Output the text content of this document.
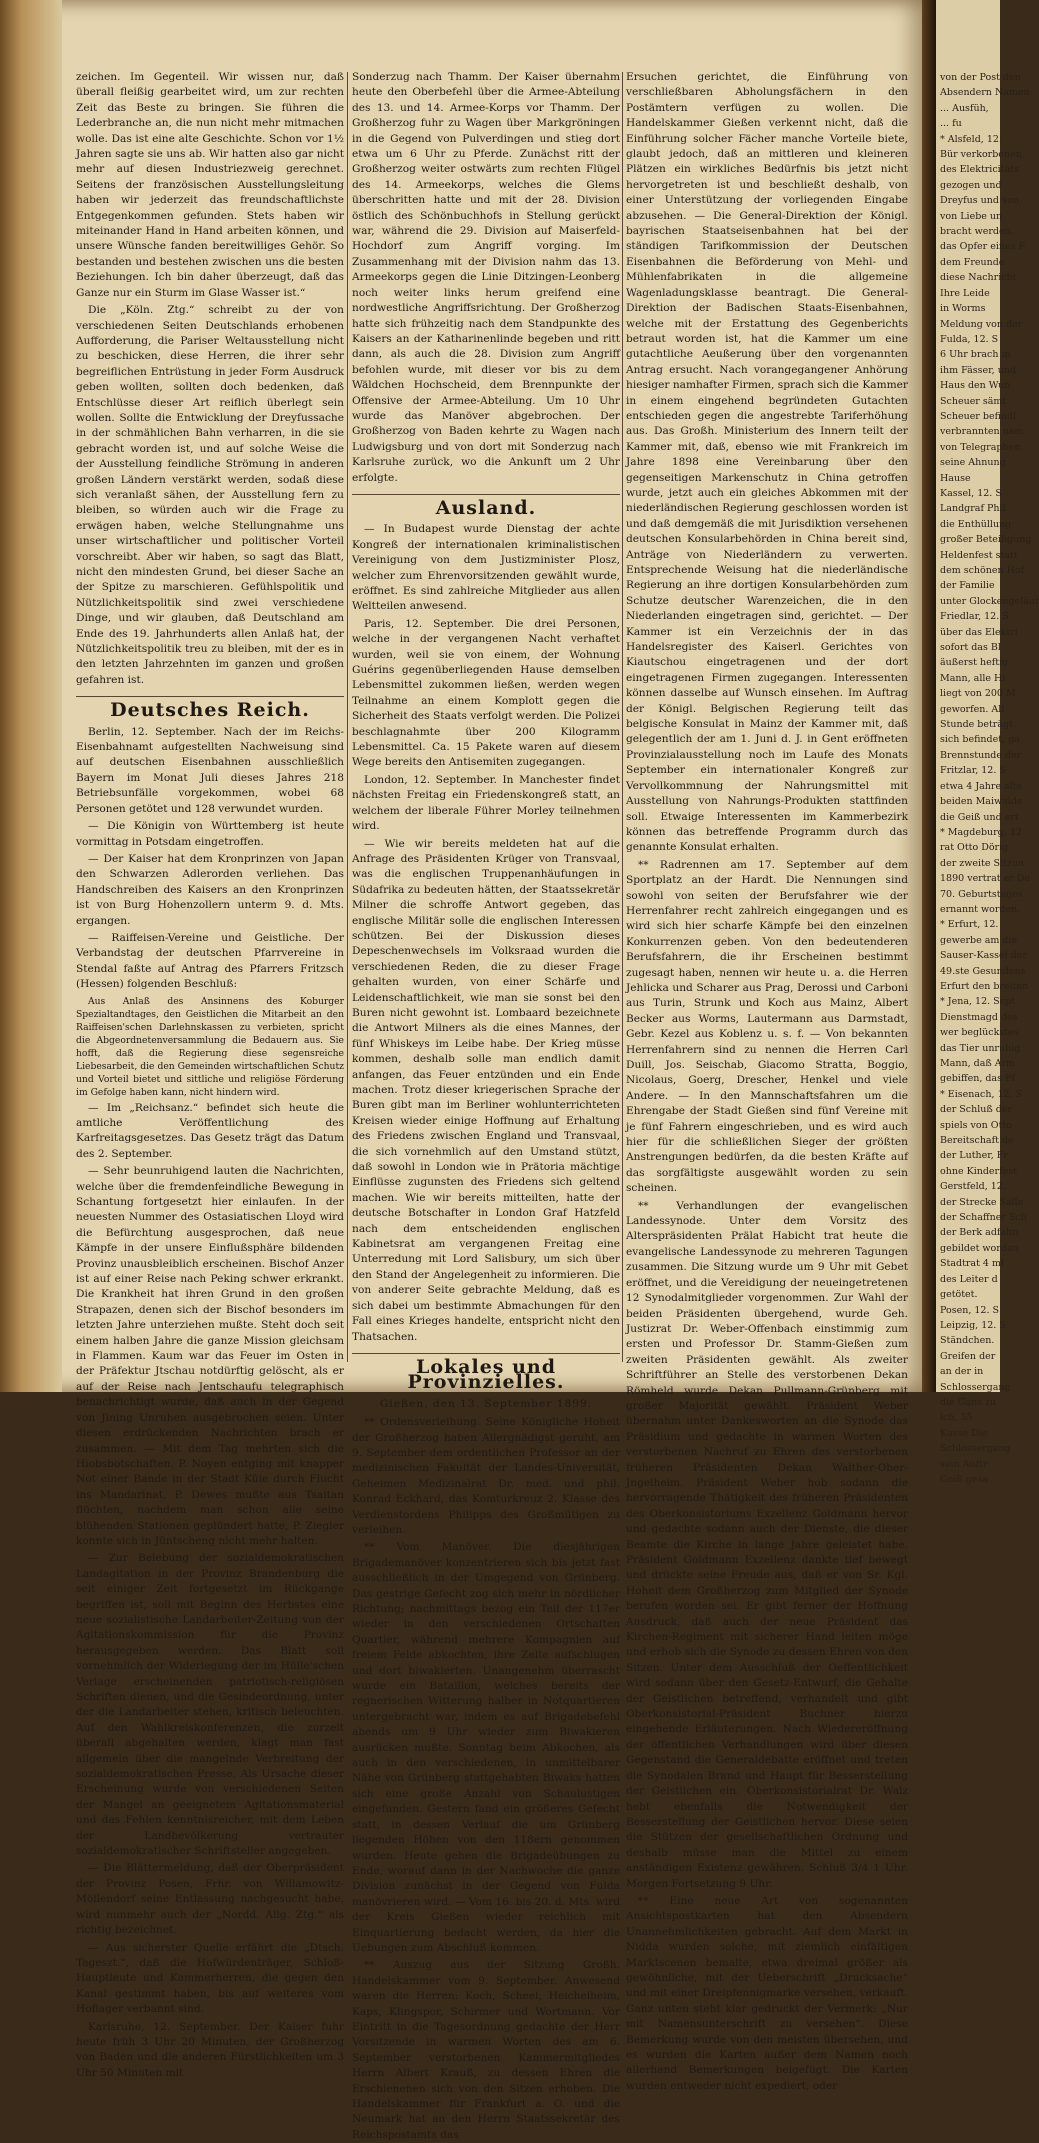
zeichen. Im Gegenteil. Wir wissen nur, daß überall fleißig gearbeitet wird, um zur rechten Zeit das Beste zu bringen. Sie führen die Lederbranche an, die nun nicht mehr mitmachen wolle. Das ist eine alte Geschichte. Schon vor 1½ Jahren sagte sie uns ab. Wir hatten also gar nicht mehr auf diesen Industriezweig gerechnet. Seitens der französischen Ausstellungsleitung haben wir jederzeit das freundschaftlichste Entgegenkommen gefunden. Stets haben wir miteinander Hand in Hand arbeiten können, und unsere Wünsche fanden bereitwilliges Gehör. So bestanden und bestehen zwischen uns die besten Beziehungen. Ich bin daher überzeugt, daß das Ganze nur ein Sturm im Glase Wasser ist.“

Die „Köln. Ztg.“ schreibt zu der von verschiedenen Seiten Deutschlands erhobenen Aufforderung, die Pariser Weltausstellung nicht zu beschicken, diese Herren, die ihrer sehr begreiflichen Entrüstung in jeder Form Ausdruck geben wollten, sollten doch bedenken, daß Entschlüsse dieser Art reiflich überlegt sein wollen. Sollte die Entwicklung der Dreyfussache in der schmählichen Bahn verharren, in die sie gebracht worden ist, und auf solche Weise die der Ausstellung feindliche Strömung in anderen großen Ländern verstärkt werden, sodaß diese sich veranlaßt sähen, der Ausstellung fern zu bleiben, so würden auch wir die Frage zu erwägen haben, welche Stellungnahme uns unser wirtschaftlicher und politischer Vorteil vorschreibt. Aber wir haben, so sagt das Blatt, nicht den mindesten Grund, bei dieser Sache an der Spitze zu marschieren. Gefühlspolitik und Nützlichkeitspolitik sind zwei verschiedene Dinge, und wir glauben, daß Deutschland am Ende des 19. Jahrhunderts allen Anlaß hat, der Nützlichkeitspolitik treu zu bleiben, mit der es in den letzten Jahrzehnten im ganzen und großen gefahren ist.

Deutsches Reich.

Berlin, 12. September. Nach der im Reichs-Eisenbahnamt aufgestellten Nachweisung sind auf deutschen Eisenbahnen ausschließlich Bayern im Monat Juli dieses Jahres 218 Betriebsunfälle vorgekommen, wobei 68 Personen getötet und 128 verwundet wurden.

— Die Königin von Württemberg ist heute vormittag in Potsdam eingetroffen.

— Der Kaiser hat dem Kronprinzen von Japan den Schwarzen Adlerorden verliehen. Das Handschreiben des Kaisers an den Kronprinzen ist von Burg Hohenzollern unterm 9. d. Mts. ergangen.

— Raiffeisen-Vereine und Geistliche. Der Verbandstag der deutschen Pfarrvereine in Stendal faßte auf Antrag des Pfarrers Fritzsch (Hessen) folgenden Beschluß:

Aus Anlaß des Ansinnens des Koburger Spezialtandtages, den Geistlichen die Mitarbeit an den Raiffeisen'schen Darlehnskassen zu verbieten, spricht die Abgeordnetenversammlung die Bedauern aus. Sie hofft, daß die Regierung diese segensreiche Liebesarbeit, die den Gemeinden wirtschaftlichen Schutz und Vorteil bietet und sittliche und religiöse Förderung im Gefolge haben kann, nicht hindern wird.

— Im „Reichsanz.“ befindet sich heute die amtliche Veröffentlichung des Karfreitagsgesetzes. Das Gesetz trägt das Datum des 2. September.

— Sehr beunruhigend lauten die Nachrichten, welche über die fremdenfeindliche Bewegung in Schantung fortgesetzt hier einlaufen. In der neuesten Nummer des Ostasiatischen Lloyd wird die Befürchtung ausgesprochen, daß neue Kämpfe in der unsere Einflußsphäre bildenden Provinz unausbleiblich erscheinen. Bischof Anzer ist auf einer Reise nach Peking schwer erkrankt. Die Krankheit hat ihren Grund in den großen Strapazen, denen sich der Bischof besonders im letzten Jahre unterziehen mußte. Steht doch seit einem halben Jahre die ganze Mission gleichsam in Flammen. Kaum war das Feuer im Osten in der Präfektur Jtschau notdürftig gelöscht, als er auf der Reise nach Jentschaufu telegraphisch benachrichtigt wurde, daß auch in der Gegend von Jining Unruhen ausgebrochen seien. Unter diesen erdrückenden Nachrichten brach er zusammen. — Mit dem Tag mehrten sich die Hiobsbotschaften. P. Noyen entging mit knapper Not einer Bande in der Stadt Küie durch Flucht ins Mandarinat, P. Dewes mußte aus Tsaitan flüchten, nachdem man schon alle seine blühenden Stationen geplündert hatte, P. Ziegler konnte sich in Jüntscheng nicht mehr halten.

— Zur Belebung der sozialdemokratischen Landagitation in der Provinz Brandenburg die seit einiger Zeit fortgesetzt im Rückgange begriffen ist, soll mit Beginn des Herbstes eine neue sozialistische Landarbeiter-Zeitung von der Agitationskommission für die Provinz herausgegeben werden. Das Blatt soll vornehmlich der Widerlegung der im Hülle'schen Verlage erscheinenden patriotisch-religiösen Schriften dienen, und die Gesindeordnung, unter der die Landarbeiter stehen, kritisch beleuchten. Auf den Wahlkreiskonferenzen, die zurzeit überall abgehalten werden, klagt man fast allgemein über die mangelnde Verbreitung der sozialdemokratischen Presse. Als Ursache dieser Erscheinung wurde von verschiedenen Seiten der Mangel an geeignetem Agitationsmaterial und das Fehlen kenntnisreicher, mit dem Leben der Landbevölkerung vertrauter sozialdemokratischer Schriftsteller angegeben.

— Die Blättermeldung, daß der Oberpräsident der Provinz Posen, Frhr. von Willamowitz-Möllendorf seine Entlassung nachgesucht habe, wird nunmehr auch der „Nordd. Allg. Ztg.“ als richtig bezeichnet.

— Aus sicherster Quelle erfährt die „Dtsch. Tageszt.“, daß die Hofwürdenträger, Schloß-Hauptleute und Kammerherren, die gegen den Kanal gestimmt haben, bis auf weiteres vom Hoflager verbannt sind.

Karlsruhe, 12. September. Der Kaiser fuhr heute früh 3 Uhr 20 Minuten, der Großherzog von Baden und die anderen Fürstlichkeiten um 3 Uhr 50 Minuten mit

Sonderzug nach Thamm. Der Kaiser übernahm heute den Oberbefehl über die Armee-Abteilung des 13. und 14. Armee-Korps vor Thamm. Der Großherzog fuhr zu Wagen über Markgröningen in die Gegend von Pulverdingen und stieg dort etwa um 6 Uhr zu Pferde. Zunächst ritt der Großherzog weiter ostwärts zum rechten Flügel des 14. Armeekorps, welches die Glems überschritten hatte und mit der 28. Division östlich des Schönbuchhofs in Stellung gerückt war, während die 29. Division auf Maiserfeld-Hochdorf zum Angriff vorging. Im Zusammenhang mit der Division nahm das 13. Armeekorps gegen die Linie Ditzingen-Leonberg noch weiter links herum greifend eine nordwestliche Angriffsrichtung. Der Großherzog hatte sich frühzeitig nach dem Standpunkte des Kaisers an der Katharinenlinde begeben und ritt dann, als auch die 28. Division zum Angriff befohlen wurde, mit dieser vor bis zu dem Wäldchen Hochscheid, dem Brennpunkte der Offensive der Armee-Abteilung. Um 10 Uhr wurde das Manöver abgebrochen. Der Großherzog von Baden kehrte zu Wagen nach Ludwigsburg und von dort mit Sonderzug nach Karlsruhe zurück, wo die Ankunft um 2 Uhr erfolgte.

Ausland.

— In Budapest wurde Dienstag der achte Kongreß der internationalen kriminalistischen Vereinigung von dem Justizminister Plosz, welcher zum Ehrenvorsitzenden gewählt wurde, eröffnet. Es sind zahlreiche Mitglieder aus allen Weltteilen anwesend.

Paris, 12. September. Die drei Personen, welche in der vergangenen Nacht verhaftet wurden, weil sie von einem, der Wohnung Guérins gegenüberliegenden Hause demselben Lebensmittel zukommen ließen, werden wegen Teilnahme an einem Komplott gegen die Sicherheit des Staats verfolgt werden. Die Polizei beschlagnahmte über 200 Kilogramm Lebensmittel. Ca. 15 Pakete waren auf diesem Wege bereits den Antisemiten zugegangen.

London, 12. September. In Manchester findet nächsten Freitag ein Friedenskongreß statt, an welchem der liberale Führer Morley teilnehmen wird.

— Wie wir bereits meldeten hat auf die Anfrage des Präsidenten Krüger von Transvaal, was die englischen Truppenanhäufungen in Südafrika zu bedeuten hätten, der Staatssekretär Milner die schroffe Antwort gegeben, das englische Militär solle die englischen Interessen schützen. Bei der Diskussion dieses Depeschenwechsels im Volksraad wurden die verschiedenen Reden, die zu dieser Frage gehalten wurden, von einer Schärfe und Leidenschaftlichkeit, wie man sie sonst bei den Buren nicht gewohnt ist. Lombaard bezeichnete die Antwort Milners als die eines Mannes, der fünf Whiskeys im Leibe habe. Der Krieg müsse kommen, deshalb solle man endlich damit anfangen, das Feuer entzünden und ein Ende machen. Trotz dieser kriegerischen Sprache der Buren gibt man im Berliner wohlunterrichteten Kreisen wieder einige Hoffnung auf Erhaltung des Friedens zwischen England und Transvaal, die sich vornehmlich auf den Umstand stützt, daß sowohl in London wie in Prätoria mächtige Einflüsse zugunsten des Friedens sich geltend machen. Wie wir bereits mitteilten, hatte der deutsche Botschafter in London Graf Hatzfeld nach dem entscheidenden englischen Kabinetsrat am vergangenen Freitag eine Unterredung mit Lord Salisbury, um sich über den Stand der Angelegenheit zu informieren. Die von anderer Seite gebrachte Meldung, daß es sich dabei um bestimmte Abmachungen für den Fall eines Krieges handelte, entspricht nicht den Thatsachen.

Lokales und Provinzielles.
Gießen, den 13. September 1899.

** Ordensverleihung. Seine Königliche Hoheit der Großherzog haben Allergnädigst geruht, am 9. September dem ordentlichen Professor an der medizinischen Fakultät der Landes-Universität, Geheimen Medizinalrat Dr. med. und phil. Konrad Eckhard, das Komturkreuz 2. Klasse des Verdienstordens Philipps des Großmütigen zu verleihen.

** Vom Manöver. Die diesjährigen Brigademanöver konzentrieren sich bis jetzt fast ausschließlich in der Umgegend von Grünberg. Das gestrige Gefecht zog sich mehr in nördlicher Richtung; nachmittags bezog ein Teil der 117er wieder in den verschiedenen Ortschaften Quartier, während mehrere Kompagnien auf freiem Felde abkochten, ihre Zelte aufschlugen und dort biwakierten. Unangenehm überrascht wurde ein Bataillon, welches bereits der regnerischen Witterung halber in Notquartieren untergebracht war, indem es auf Brigadebefehl abends um 9 Uhr wieder zum Biwakieren ausrücken mußte. Sonntag beim Abkochen, als auch in den verschiedenen, in unmittelbarer Nähe von Grünberg stattgehabten Biwaks hatten sich eine große Anzahl von Schaulustigen eingefunden. Gestern fand ein größeres Gefecht statt, in dessen Verlauf die um Grünberg liegenden Höhen von den 118ern genommen wurden. Heute gehen die Brigadeübungen zu Ende, worauf dann in der Nachwoche die ganze Division zunächst in der Gegend von Fulda manövrieren wird. — Vom 16. bis 20. d. Mts. wird der Kreis Gießen wieder reichlich mit Einquartierung bedacht werden, da hier die Uebungen zum Abschluß kommen.

** Auszug aus der Sitzung Großh. Handelskammer vom 9. September. Anwesend waren die Herren: Koch, Scheel, Heichelheim, Kaps, Klingspor, Schirmer und Wortmann. Vor Eintritt in die Tagesordnung gedachte der Herr Vorsitzende in warmen Worten des am 6. September verstorbenen Kammermitgliedes Herrn Albert Krauß, zu dessen Ehren die Erschienenen sich von den Sitzen erhoben. Die Handelskammer für Frankfurt a. O. und die Neumark hat an den Herrn Staatssekretär des Reichspostamts das

Ersuchen gerichtet, die Einführung von verschließbaren Abholungsfächern in den Postämtern verfügen zu wollen. Die Handelskammer Gießen verkennt nicht, daß die Einführung solcher Fächer manche Vorteile biete, glaubt jedoch, daß an mittleren und kleineren Plätzen ein wirkliches Bedürfnis bis jetzt nicht hervorgetreten ist und beschließt deshalb, von einer Unterstützung der vorliegenden Eingabe abzusehen. — Die General-Direktion der Königl. bayrischen Staatseisenbahnen hat bei der ständigen Tarifkommission der Deutschen Eisenbahnen die Beförderung von Mehl- und Mühlenfabrikaten in die allgemeine Wagenladungsklasse beantragt. Die General-Direktion der Badischen Staats-Eisenbahnen, welche mit der Erstattung des Gegenberichts betraut worden ist, hat die Kammer um eine gutachtliche Aeußerung über den vorgenannten Antrag ersucht. Nach vorangegangener Anhörung hiesiger namhafter Firmen, sprach sich die Kammer in einem eingehend begründeten Gutachten entschieden gegen die angestrebte Tariferhöhung aus. Das Großh. Ministerium des Innern teilt der Kammer mit, daß, ebenso wie mit Frankreich im Jahre 1898 eine Vereinbarung über den gegenseitigen Markenschutz in China getroffen wurde, jetzt auch ein gleiches Abkommen mit der niederländischen Regierung geschlossen worden ist und daß demgemäß die mit Jurisdiktion versehenen deutschen Konsularbehörden in China bereit sind, Anträge von Niederländern zu verwerten. Entsprechende Weisung hat die niederländische Regierung an ihre dortigen Konsularbehörden zum Schutze deutscher Warenzeichen, die in den Niederlanden eingetragen sind, gerichtet. — Der Kammer ist ein Verzeichnis der in das Handelsregister des Kaiserl. Gerichtes von Kiautschou eingetragenen und der dort eingetragenen Firmen zugegangen. Interessenten können dasselbe auf Wunsch einsehen. Im Auftrag der Königl. Belgischen Regierung teilt das belgische Konsulat in Mainz der Kammer mit, daß gelegentlich der am 1. Juni d. J. in Gent eröffneten Provinzialausstellung noch im Laufe des Monats September ein internationaler Kongreß zur Vervollkommnung der Nahrungsmittel mit Ausstellung von Nahrungs-Produkten stattfinden soll. Etwaige Interessenten im Kammerbezirk können das betreffende Programm durch das genannte Konsulat erhalten.

** Radrennen am 17. September auf dem Sportplatz an der Hardt. Die Nennungen sind sowohl von seiten der Berufsfahrer wie der Herrenfahrer recht zahlreich eingegangen und es wird sich hier scharfe Kämpfe bei den einzelnen Konkurrenzen geben. Von den bedeutenderen Berufsfahrern, die ihr Erscheinen bestimmt zugesagt haben, nennen wir heute u. a. die Herren Jehlicka und Scharer aus Prag, Derossi und Carboni aus Turin, Strunk und Koch aus Mainz, Albert Becker aus Worms, Lautermann aus Darmstadt, Gebr. Kezel aus Koblenz u. s. f. — Von bekannten Herrenfahrern sind zu nennen die Herren Carl Duill, Jos. Seischab, Giacomo Stratta, Boggio, Nicolaus, Goerg, Drescher, Henkel und viele Andere. — In den Mannschaftsfahren um die Ehrengabe der Stadt Gießen sind fünf Vereine mit je fünf Fahrern eingeschrieben, und es wird auch hier für die schließlichen Sieger der größten Anstrengungen bedürfen, da die besten Kräfte auf das sorgfältigste ausgewählt worden zu sein scheinen.

** Verhandlungen der evangelischen Landessynode. Unter dem Vorsitz des Alterspräsidenten Prälat Habicht trat heute die evangelische Landessynode zu mehreren Tagungen zusammen. Die Sitzung wurde um 9 Uhr mit Gebet eröffnet, und die Vereidigung der neueingetretenen 12 Synodalmitglieder vorgenommen. Zur Wahl der beiden Präsidenten übergehend, wurde Geh. Justizrat Dr. Weber-Offenbach einstimmig zum ersten und Professor Dr. Stamm-Gießen zum zweiten Präsidenten gewählt. Als zweiter Schriftführer an Stelle des verstorbenen Dekan Römheld wurde Dekan Pullmann-Grünberg mit großer Majorität gewählt. Präsident Weber übernahm unter Dankesworten an die Synode das Präsidium und gedachte in warmen Worten des verstorbenen Nachruf zu Ehren des verstorbenen früheren Präsidenten Dekan Walther-Ober-Jngelheim. Präsident Weber hob sodann die hervorragende Thätigkeit des früheren Präsidenten des Oberkonsistoriums Exzellenz Goldmann hervor und gedachte sodann auch der Dienste, die dieser Beamte die Kirche in lange Jahre geleistet habe. Präsident Goldmann Exzellenz dankte tief bewegt und drückte seine Freude aus, daß er von Sr. Kgl. Hoheit dem Großherzog zum Mitglied der Synode berufen worden sei. Er gibt ferner der Hoffnung Ausdruck, daß auch der neue Präsident das Kirchen-Regiment mit sicherer Hand leiten möge und erhob sich die Synode zu dessen Ehren von den Sitzen. Unter dem Ausschluß der Oeffentlichkeit wird sodann über den Gesetz-Entwurf, die Gehalte der Geistlichen betreffend, verhandelt und gibt Oberkonsistorial-Präsident Buchner hierzu eingehende Erläuterungen. Nach Wiedereröffnung der öffentlichen Verhandlungen wird über diesen Gegenstand die Generaldebatte eröffnet und treten die Synodalen Brand und Haupt für Besserstellung der Geistlichen ein. Oberkonsistorialrat Dr. Walz hebt ebenfalls die Notwendigkeit der Besserstellung der Geistlichen hervor. Diese seien die Stützen der gesellschaftlichen Ordnung und deshalb müsse man die Mittel zu einem anständigen Existenz gewähren. Schluß 3/4 1 Uhr. Morgen Fortsetzung 9 Uhr.

** Eine neue Art von sogenannten Ansichtspostkarten hat den Absendern Unannehmlichkeiten gebracht. Auf dem Markt in Nidda wurden solche, mit ziemlich einfältigen Marktscenen bemalte, etwa dreimal größer als gewöhnliche, mit der Ueberschrift „Drucksache“ und mit einer Dreipfennigmarke versehen, verkauft. Ganz unten steht klar gedruckt der Vermerk: „Nur mit Namensunterschrift zu versehen“. Diese Bemerkung wurde von den meisten übersehen, und es wurden die Karten außer dem Namen noch allerhand Bemerkungen beigefügt. Die Karten wurden entweder nicht expediert, oder

von der Post den
Absendern Namen
... Ausfüh,
... fu
* Alsfeld, 12.
Bür verkorbenen
des Elektricitäts
gezogen und
Dreyfus und von
von Liebe un
bracht werden.
das Opfer eines F
dem Freunde
diese Nachricht
Ihre Leide
in Worms
Meldung von der
Fulda, 12. S
6 Uhr brach in
ihm Fässer, und
Haus den Wun
Scheuer sämt
Scheuer befindl
verbrannten nam
von Telegraphen
seine Ahnung
Hause
Kassel, 12. S
Landgraf Phil
die Enthüllung
großer Beteiligung
Heldenfest statt
dem schönen Hof
der Familie
unter Glockengeläut
Friedlar, 12. S
über das Elektri
sofort das Bl
äußerst heftig
Mann, alle Hi
liegt von 200 M
geworfen. All
Stunde beträgt
sich befindet, ga
Brennstunde der
Fritzlar, 12. S
etwa 4 Jahre alte
beiden Maiwalds
die Geiß und ert
* Magdeburg, 12
rat Otto Dörig
der zweite Sitzun
1890 vertrat er De
70. Geburtstages
ernannt worden.
* Erfurt, 12.
gewerbe am die
Sauser-Kassel der
49.ste Gesundens
Erfurt den breiten
* Jena, 12. Sept
Dienstmagd des
wer beglückstes
das Tier unruhig
Mann, daß Arm
gebiffen, das Pf
* Eisenach, 12. S
der Schluß der
spiels von Otto
Bereitschaft de
der Luther, Fr
ohne Kinderfest
Gerstfeld, 12.
der Strecke Salle
der Schaffner Sch
der Berk adfahn
gebildet worden
Stadtrat 4 ml
des Leiter d
getötet.
Posen, 12. S
Leipzig, 12. S
Ständchen.
Greifen der
an der in
Schlossergang
die Gans zu
ich, 55
Kasse Die
Schlossergang
sein Auftr
Geiß gesa
